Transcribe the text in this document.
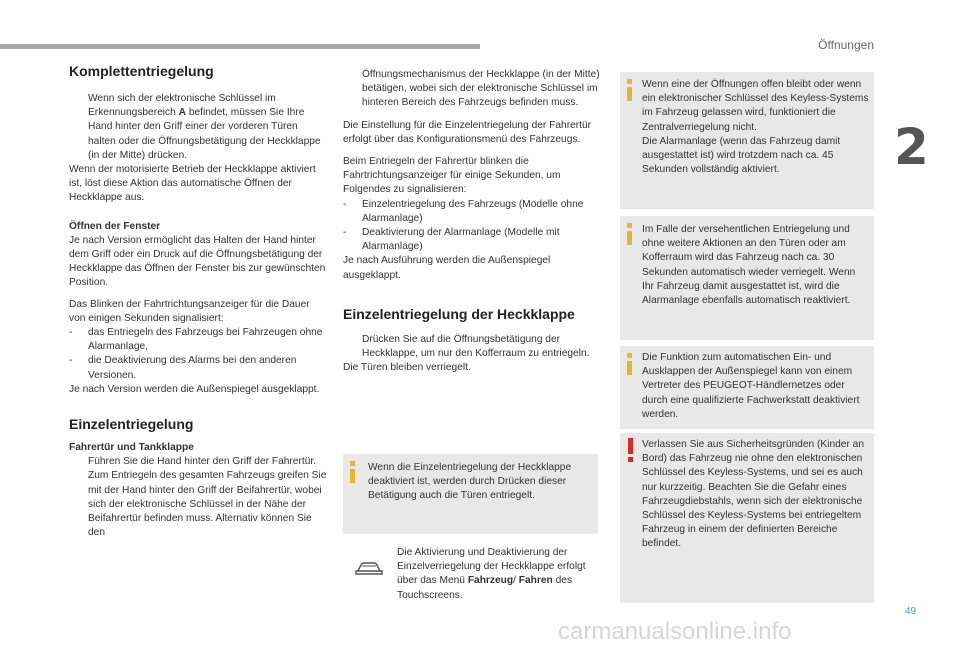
Öffnungen
2
Komplettentriegelung
Wenn sich der elektronische Schlüssel im Erkennungsbereich A befindet, müssen Sie Ihre Hand hinter den Griff einer der vorderen Türen halten oder die Öffnungsbetätigung der Heckklappe (in der Mitte) drücken.
Wenn der motorisierte Betrieb der Heckklappe aktiviert ist, löst diese Aktion das automatische Öffnen der Heckklappe aus.
Öffnen der Fenster
Je nach Version ermöglicht das Halten der Hand hinter dem Griff oder ein Druck auf die Öffnungsbetätigung der Heckklappe das Öffnen der Fenster bis zur gewünschten Position.
Das Blinken der Fahrtrichtungsanzeiger für die Dauer von einigen Sekunden signalisiert:
- das Entriegeln des Fahrzeugs bei Fahrzeugen ohne Alarmanlage,
- die Deaktivierung des Alarms bei den anderen Versionen.
Je nach Version werden die Außenspiegel ausgeklappt.
Einzelentriegelung
Fahrertür und Tankklappe
Führen Sie die Hand hinter den Griff der Fahrertür.
Zum Entriegeln des gesamten Fahrzeugs greifen Sie mit der Hand hinter den Griff der Beifahrertür, wobei sich der elektronische Schlüssel in der Nähe der Beifahrertür befinden muss. Alternativ können Sie den
Öffnungsmechanismus der Heckklappe (in der Mitte) betätigen, wobei sich der elektronische Schlüssel im hinteren Bereich des Fahrzeugs befinden muss.
Die Einstellung für die Einzelentriegelung der Fahrertür erfolgt über das Konfigurationsmenü des Fahrzeugs.
Beim Entriegeln der Fahrertür blinken die Fahrtrichtungsanzeiger für einige Sekunden, um Folgendes zu signalisieren:
- Einzelentriegelung des Fahrzeugs (Modelle ohne Alarmanlage)
- Deaktivierung der Alarmanlage (Modelle mit Alarmanlage)
Je nach Ausführung werden die Außenspiegel ausgeklappt.
Einzelentriegelung der Heckklappe
Drücken Sie auf die Öffnungsbetätigung der Heckklappe, um nur den Kofferraum zu entriegeln.
Die Türen bleiben verriegelt.
Wenn die Einzelentriegelung der Heckklappe deaktiviert ist, werden durch Drücken dieser Betätigung auch die Türen entriegelt.
Die Aktivierung und Deaktivierung der Einzelverriegelung der Heckklappe erfolgt über das Menü Fahrzeug/ Fahren des Touchscreens.
Wenn eine der Öffnungen offen bleibt oder wenn ein elektronischer Schlüssel des Keyless-Systems im Fahrzeug gelassen wird, funktioniert die Zentralverriegelung nicht.
Die Alarmanlage (wenn das Fahrzeug damit ausgestattet ist) wird trotzdem nach ca. 45 Sekunden vollständig aktiviert.
Im Falle der versehentlichen Entriegelung und ohne weitere Aktionen an den Türen oder am Kofferraum wird das Fahrzeug nach ca. 30 Sekunden automatisch wieder verriegelt. Wenn Ihr Fahrzeug damit ausgestattet ist, wird die Alarmanlage ebenfalls automatisch reaktiviert.
Die Funktion zum automatischen Ein- und Ausklappen der Außenspiegel kann von einem Vertreter des PEUGEOT-Händlernetzes oder durch eine qualifizierte Fachwerkstatt deaktiviert werden.
Verlassen Sie aus Sicherheitsgründen (Kinder an Bord) das Fahrzeug nie ohne den elektronischen Schlüssel des Keyless-Systems, und sei es auch nur kurzzeitig. Beachten Sie die Gefahr eines Fahrzeugdiebstahls, wenn sich der elektronische Schlüssel des Keyless-Systems bei entriegeltem Fahrzeug in einem der definierten Bereiche befindet.
49
carmanualsonline.info
